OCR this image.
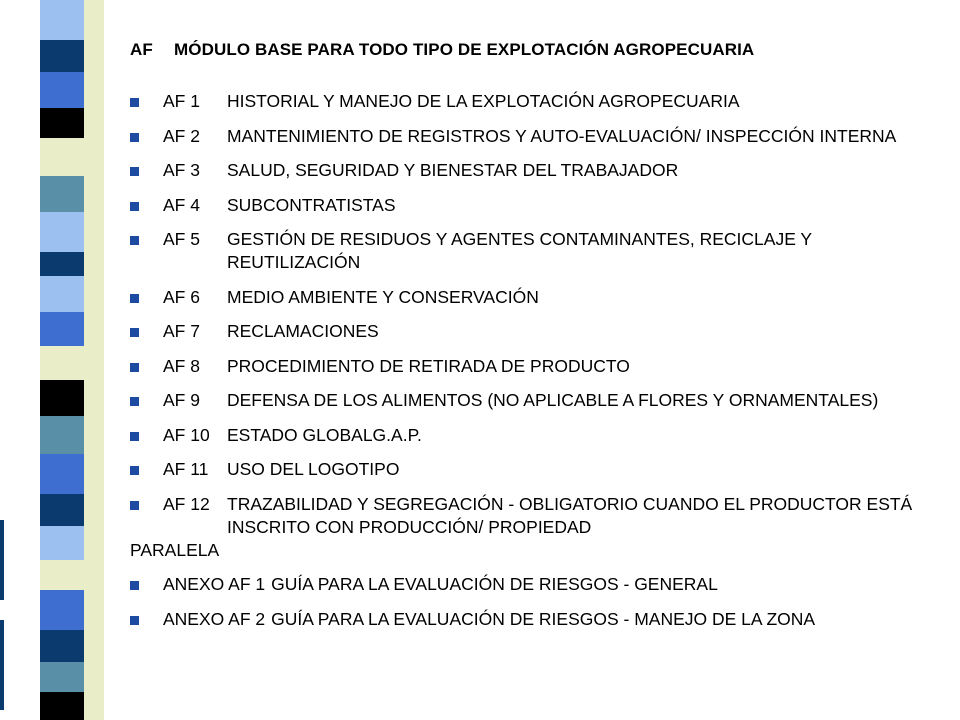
AF MÓDULO BASE PARA TODO TIPO DE EXPLOTACIÓN AGROPECUARIA
AF 1	HISTORIAL Y MANEJO DE LA EXPLOTACIÓN AGROPECUARIA
AF 2	MANTENIMIENTO DE REGISTROS Y AUTO-EVALUACIÓN/ INSPECCIÓN INTERNA
AF 3	SALUD, SEGURIDAD Y BIENESTAR DEL TRABAJADOR
AF 4	SUBCONTRATISTAS
AF 5	GESTIÓN DE RESIDUOS Y AGENTES CONTAMINANTES, RECICLAJE Y REUTILIZACIÓN
AF 6	MEDIO AMBIENTE Y CONSERVACIÓN
AF 7	RECLAMACIONES
AF 8	PROCEDIMIENTO DE RETIRADA DE PRODUCTO
AF 9	DEFENSA DE LOS ALIMENTOS (NO APLICABLE A FLORES Y ORNAMENTALES)
AF 10 ESTADO GLOBALG.A.P.
AF 11	USO DEL LOGOTIPO
AF 12 TRAZABILIDAD Y SEGREGACIÓN - OBLIGATORIO CUANDO EL PRODUCTOR ESTÁ INSCRITO CON PRODUCCIÓN/ PROPIEDAD
PARALELA
ANEXO AF 1 GUÍA PARA LA EVALUACIÓN DE RIESGOS - GENERAL
ANEXO AF 2 GUÍA PARA LA EVALUACIÓN DE RIESGOS - MANEJO DE LA ZONA
